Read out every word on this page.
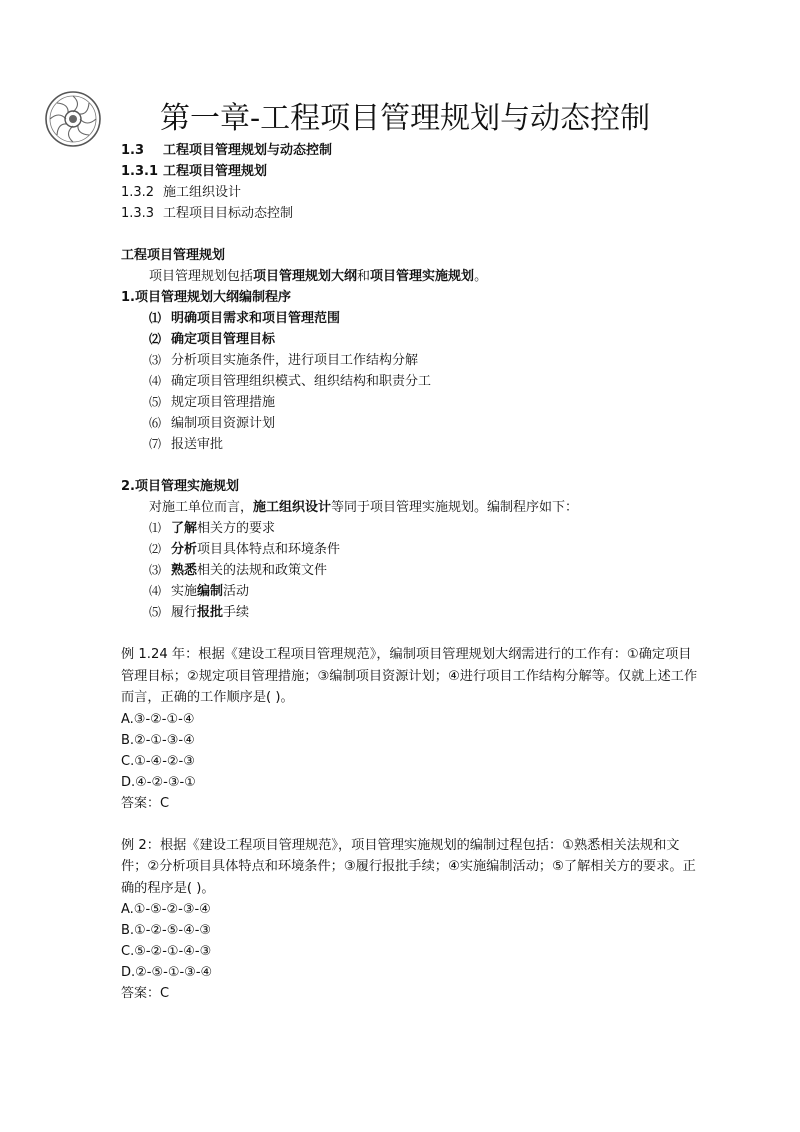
第一章-工程项目管理规划与动态控制
1.3 工程项目管理规划与动态控制
1.3.1 工程项目管理规划
1.3.2 施工组织设计
1.3.3 工程项目目标动态控制
工程项目管理规划
项目管理规划包括项目管理规划大纲和项目管理实施规划。
1.项目管理规划大纲编制程序
⑴ 明确项目需求和项目管理范围
⑵ 确定项目管理目标
⑶ 分析项目实施条件，进行项目工作结构分解
⑷ 确定项目管理组织模式、组织结构和职责分工
⑸ 规定项目管理措施
⑹ 编制项目资源计划
⑺ 报送审批
2.项目管理实施规划
对施工单位而言，施工组织设计等同于项目管理实施规划。编制程序如下：
⑴ 了解相关方的要求
⑵ 分析项目具体特点和环境条件
⑶ 熟悉相关的法规和政策文件
⑷ 实施编制活动
⑸ 履行报批手续
例 1.24 年：根据《建设工程项目管理规范》，编制项目管理规划大纲需进行的工作有：①确定项目管理目标；②规定项目管理措施；③编制项目资源计划；④进行项目工作结构分解等。仅就上述工作而言，正确的工作顺序是( )。
A.③-②-①-④
B.②-①-③-④
C.①-④-②-③
D.④-②-③-①
答案：C
例 2：根据《建设工程项目管理规范》，项目管理实施规划的编制过程包括：①熟悉相关法规和文件；②分析项目具体特点和环境条件；③履行报批手续；④实施编制活动；⑤了解相关方的要求。正确的程序是( )。
A.①-⑤-②-③-④
B.①-②-⑤-④-③
C.⑤-②-①-④-③
D.②-⑤-①-③-④
答案：C
